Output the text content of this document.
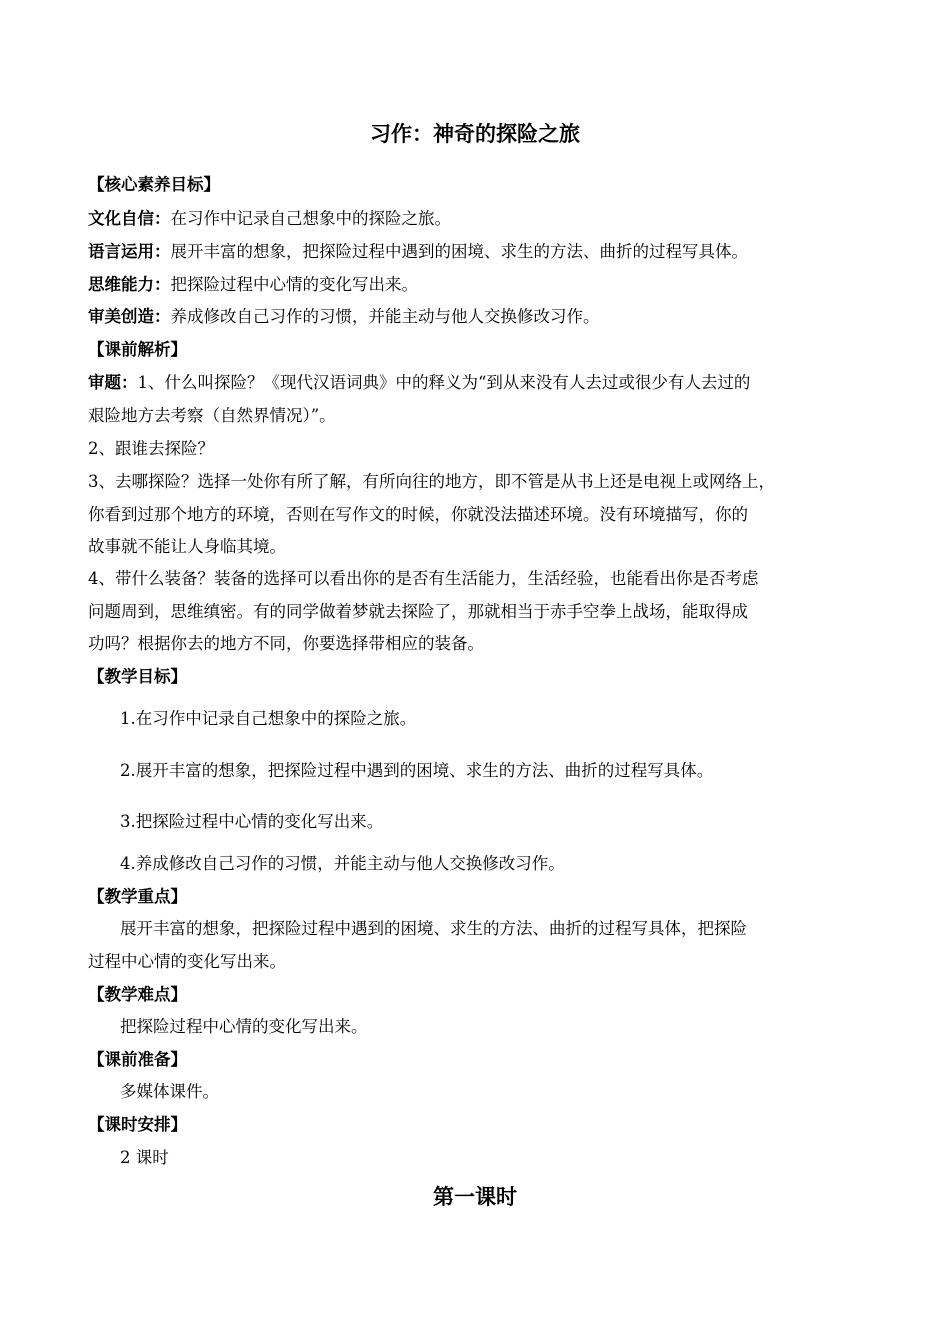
习作：神奇的探险之旅
【核心素养目标】
文化自信：在习作中记录自己想象中的探险之旅。
语言运用：展开丰富的想象，把探险过程中遇到的困境、求生的方法、曲折的过程写具体。
思维能力：把探险过程中心情的变化写出来。
审美创造：养成修改自己习作的习惯，并能主动与他人交换修改习作。
【课前解析】
审题：1、什么叫探险？《现代汉语词典》中的释义为“到从来没有人去过或很少有人去过的
艰险地方去考察（自然界情况）”。
2、跟谁去探险？
3、去哪探险？选择一处你有所了解，有所向往的地方，即不管是从书上还是电视上或网络上，
你看到过那个地方的环境，否则在写作文的时候，你就没法描述环境。没有环境描写，你的
故事就不能让人身临其境。
4、带什么装备？装备的选择可以看出你的是否有生活能力，生活经验，也能看出你是否考虑
问题周到，思维缜密。有的同学做着梦就去探险了，那就相当于赤手空拳上战场，能取得成
功吗？根据你去的地方不同，你要选择带相应的装备。
【教学目标】
1.在习作中记录自己想象中的探险之旅。
2.展开丰富的想象，把探险过程中遇到的困境、求生的方法、曲折的过程写具体。
3.把探险过程中心情的变化写出来。
4.养成修改自己习作的习惯，并能主动与他人交换修改习作。
【教学重点】
展开丰富的想象，把探险过程中遇到的困境、求生的方法、曲折的过程写具体，把探险
过程中心情的变化写出来。
【教学难点】
把探险过程中心情的变化写出来。
【课前准备】
多媒体课件。
【课时安排】
2 课时
第一课时
